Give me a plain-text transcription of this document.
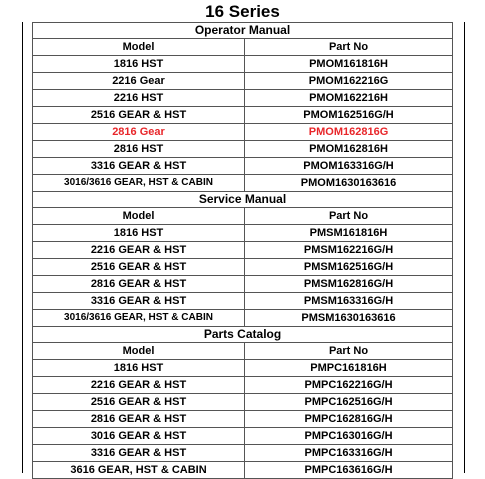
16 Series
Operator Manual	
Model	Part No
1816 HST	PMOM161816H
2216 Gear	PMOM162216G
2216 HST	PMOM162216H
2516 GEAR & HST	PMOM162516G/H
2816 Gear	PMOM162816G
2816 HST	PMOM162816H
3316 GEAR & HST	PMOM163316G/H
3016/3616 GEAR, HST & CABIN	PMOM1630163616
Service Manual	
Model	Part No
1816 HST	PMSM161816H
2216 GEAR & HST	PMSM162216G/H
2516 GEAR & HST	PMSM162516G/H
2816 GEAR & HST	PMSM162816G/H
3316 GEAR & HST	PMSM163316G/H
3016/3616 GEAR, HST & CABIN	PMSM1630163616
Parts Catalog	
Model	Part No
1816 HST	PMPC161816H
2216 GEAR & HST	PMPC162216G/H
2516 GEAR & HST	PMPC162516G/H
2816 GEAR & HST	PMPC162816G/H
3016 GEAR & HST	PMPC163016G/H
3316 GEAR & HST	PMPC163316G/H
3616 GEAR, HST & CABIN	PMPC163616G/H
